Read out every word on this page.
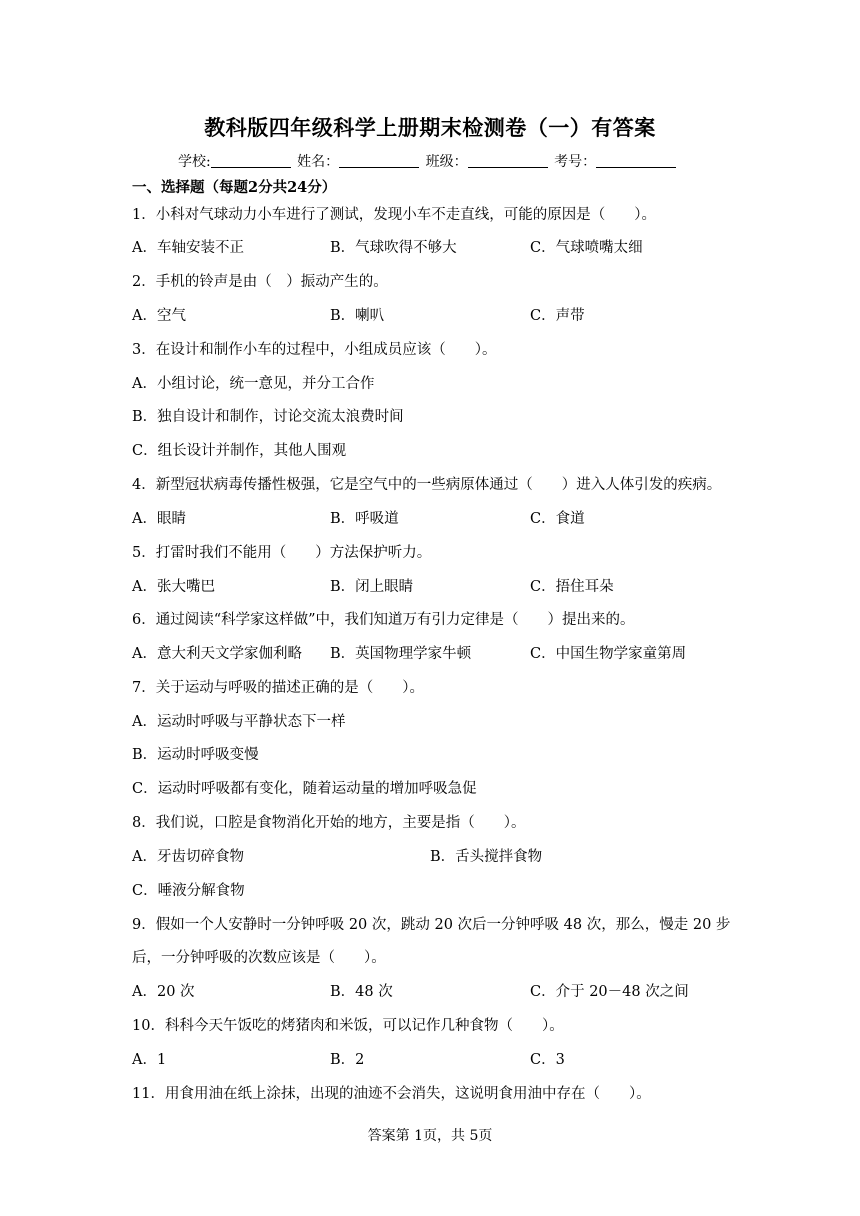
教科版四年级科学上册期末检测卷（一）有答案
学校:	姓名：	班级：	考号：
一、选择题（每题2分共24分）
1．小科对气球动力小车进行了测试，发现小车不走直线，可能的原因是（　　）。
A．车轴安装不正	B．气球吹得不够大	C．气球喷嘴太细
2．手机的铃声是由（　）振动产生的。
A．空气	B．喇叭	C．声带
3．在设计和制作小车的过程中，小组成员应该（　　）。
A．小组讨论，统一意见，并分工合作
B．独自设计和制作，讨论交流太浪费时间
C．组长设计并制作，其他人围观
4．新型冠状病毒传播性极强，它是空气中的一些病原体通过（　　）进入人体引发的疾病。
A．眼睛	B．呼吸道	C．食道
5．打雷时我们不能用（　　）方法保护听力。
A．张大嘴巴	B．闭上眼睛	C．捂住耳朵
6．通过阅读“科学家这样做”中，我们知道万有引力定律是（　　）提出来的。
A．意大利天文学家伽利略 B．英国物理学家牛顿	C．中国生物学家童第周
7．关于运动与呼吸的描述正确的是（　　）。
A．运动时呼吸与平静状态下一样
B．运动时呼吸变慢
C．运动时呼吸都有变化，随着运动量的增加呼吸急促
8．我们说，口腔是食物消化开始的地方，主要是指（　　）。
A．牙齿切碎食物	B．舌头搅拌食物
C．唾液分解食物
9．假如一个人安静时一分钟呼吸 20 次，跳动 20 次后一分钟呼吸 48 次，那么，慢走 20 步
后，一分钟呼吸的次数应该是（　　）。
A．20 次	B．48 次	C．介于 20－48 次之间
10．科科今天午饭吃的烤猪肉和米饭，可以记作几种食物（　　）。
A．1	B．2	C．3
11．用食用油在纸上涂抹，出现的油迹不会消失，这说明食用油中存在（　　）。
答案第 1页，共 5页
